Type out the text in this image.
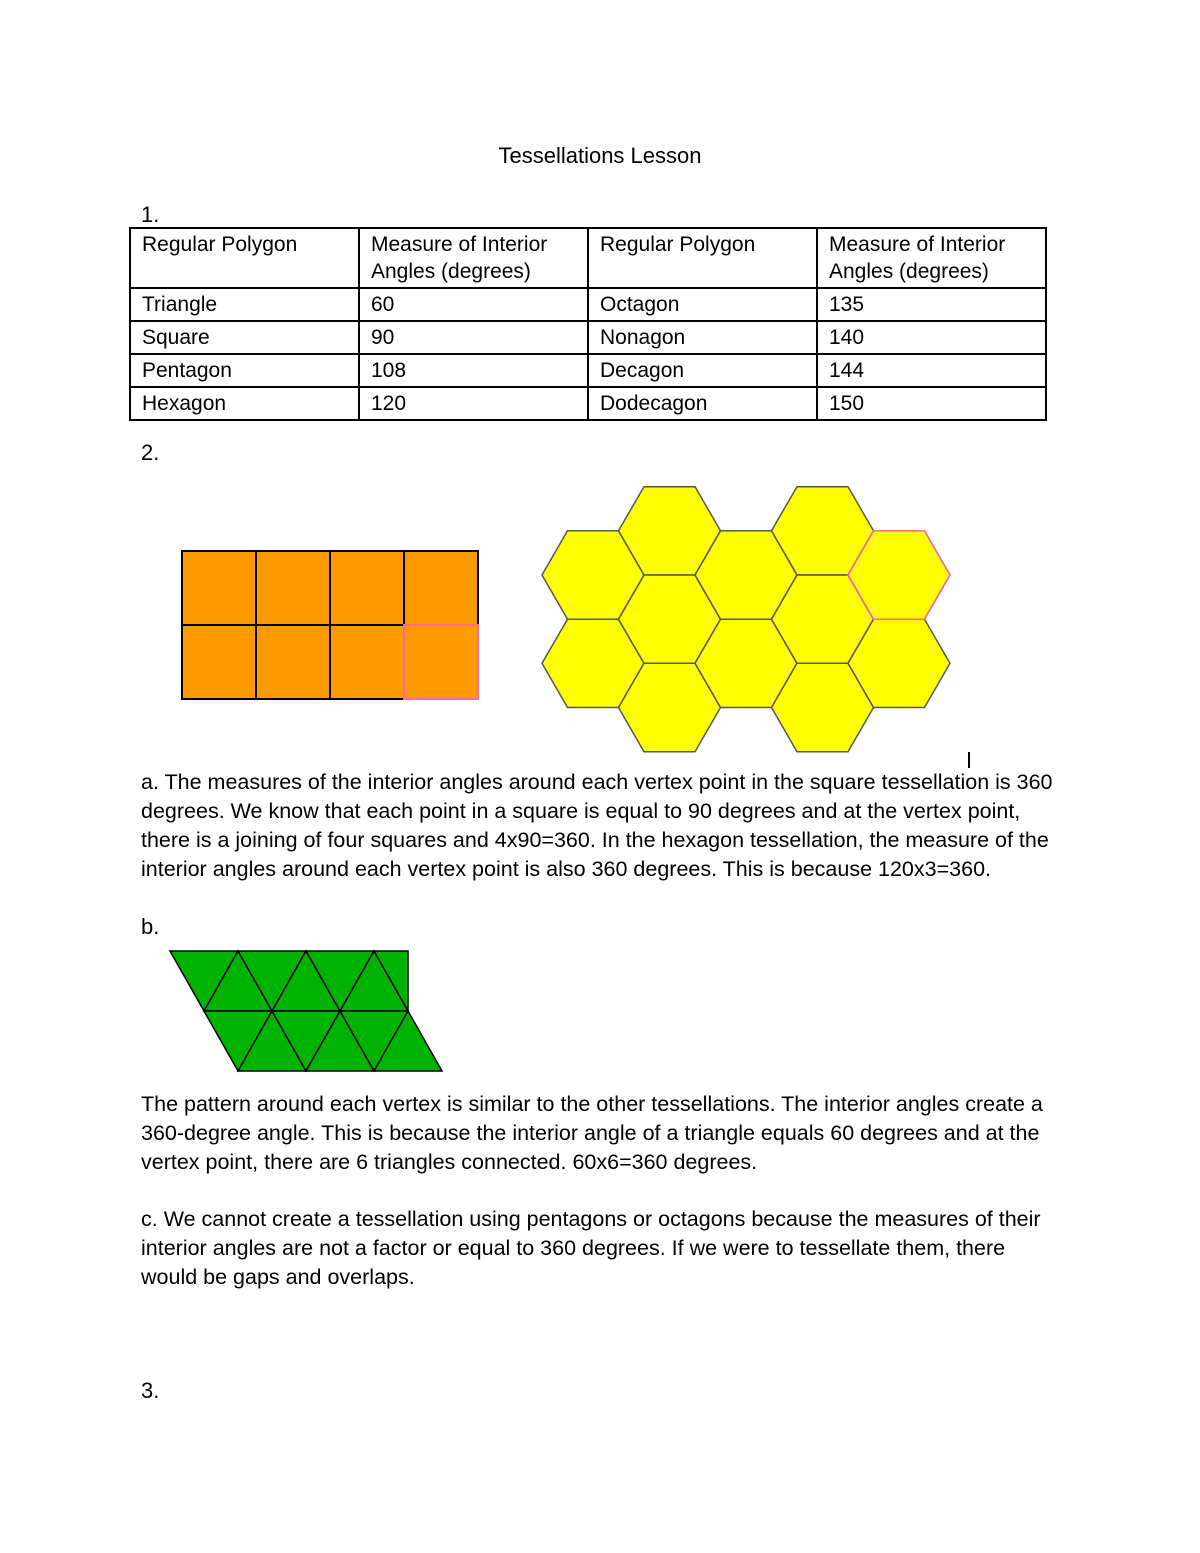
Tessellations Lesson
1.
Regular Polygon	Measure of Interior Angles (degrees)	Regular Polygon	Measure of Interior Angles (degrees)
Triangle	60	Octagon	135
Square	90	Nonagon	140
Pentagon	108	Decagon	144
Hexagon	120	Dodecagon	150
2.

a. The measures of the interior angles around each vertex point in the square tessellation is 360 degrees. We know that each point in a square is equal to 90 degrees and at the vertex point, there is a joining of four squares and 4x90=360. In the hexagon tessellation, the measure of the interior angles around each vertex point is also 360 degrees. This is because 120x3=360.

b.

The pattern around each vertex is similar to the other tessellations. The interior angles create a 360-degree angle. This is because the interior angle of a triangle equals 60 degrees and at the vertex point, there are 6 triangles connected. 60x6=360 degrees.

c. We cannot create a tessellation using pentagons or octagons because the measures of their interior angles are not a factor or equal to 360 degrees. If we were to tessellate them, there would be gaps and overlaps.

3.
